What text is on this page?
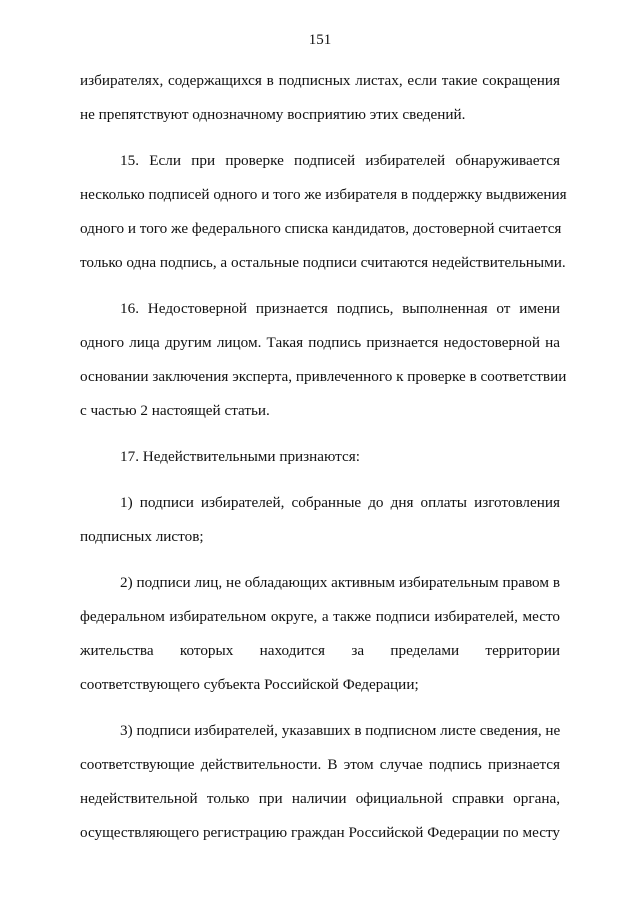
151

избирателях, содержащихся в подписных листах, если такие сокращения
не препятствуют однозначному восприятию этих сведений.

15. Если при проверке подписей избирателей обнаруживается
несколько подписей одного и того же избирателя в поддержку выдвижения
одного и того же федерального списка кандидатов, достоверной считается
только одна подпись, а остальные подписи считаются недействительными.

16. Недостоверной признается подпись, выполненная от имени
одного лица другим лицом. Такая подпись признается недостоверной на
основании заключения эксперта, привлеченного к проверке в соответствии
с частью 2 настоящей статьи.

17. Недействительными признаются:

1) подписи избирателей, собранные до дня оплаты изготовления
подписных листов;

2) подписи лиц, не обладающих активным избирательным правом в
федеральном избирательном округе, а также подписи избирателей, место
жительства которых находится за пределами территории
соответствующего субъекта Российской Федерации;

3) подписи избирателей, указавших в подписном листе сведения, не
соответствующие действительности. В этом случае подпись признается
недействительной только при наличии официальной справки органа,
осуществляющего регистрацию граждан Российской Федерации по месту
